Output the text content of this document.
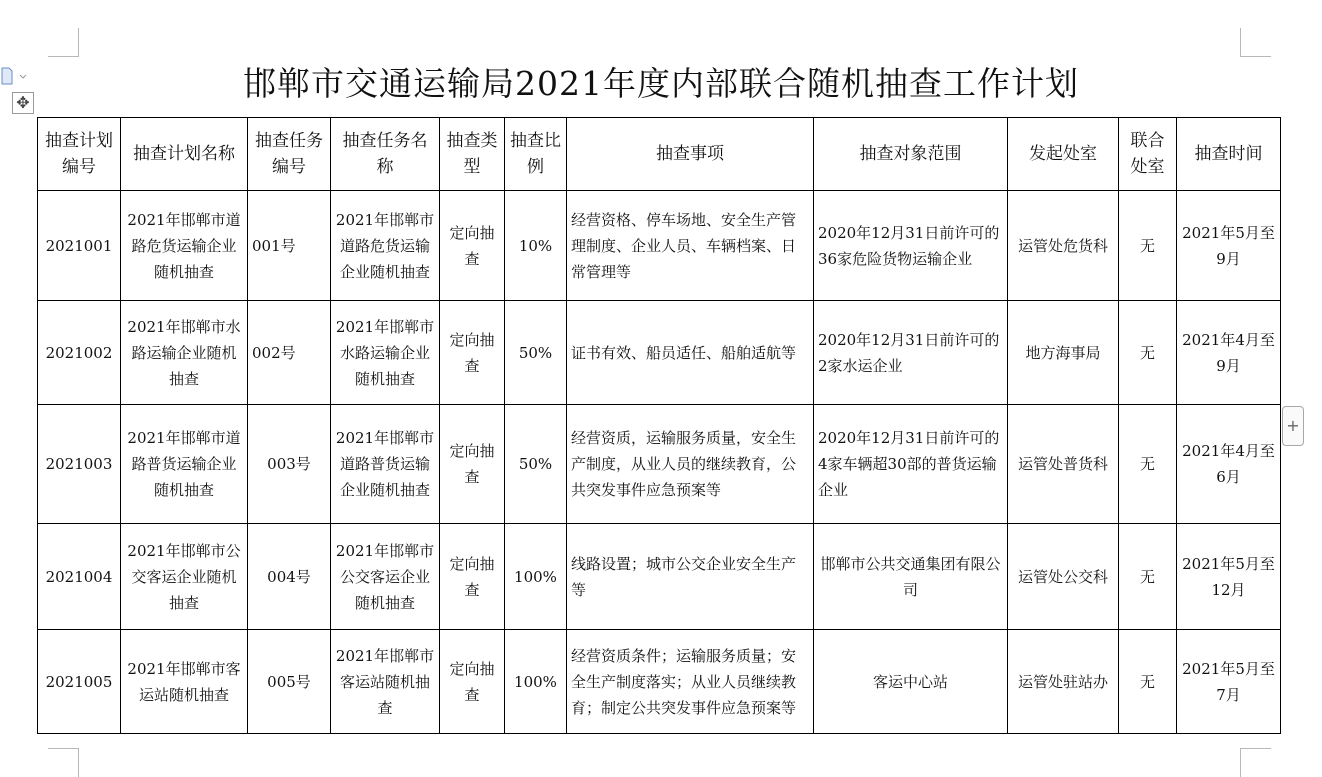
✥	邯郸市交通运输局2021年度内部联合随机抽查工作计划
抽查计划编号	抽查计划名称	抽查任务编号	抽查任务名称	抽查类型	抽查比例	抽查事项	抽查对象范围	发起处室	联合处室	抽查时间
2021001	2021年邯郸市道路危货运输企业随机抽查	001号	2021年邯郸市道路危货运输企业随机抽查	定向抽查	10%	经营资格、停车场地、安全生产管理制度、企业人员、车辆档案、日常管理等	2020年12月31日前许可的36家危险货物运输企业	运管处危货科	无	2021年5月至9月
2021002	2021年邯郸市水路运输企业随机抽查	002号	2021年邯郸市水路运输企业随机抽查	定向抽查	50%	证书有效、船员适任、船舶适航等	2020年12月31日前许可的2家水运企业	地方海事局	无	2021年4月至9月
2021003	2021年邯郸市道路普货运输企业随机抽查	003号	2021年邯郸市道路普货运输企业随机抽查	定向抽查	50%	经营资质，运输服务质量，安全生产制度，从业人员的继续教育，公共突发事件应急预案等	2020年12月31日前许可的4家车辆超30部的普货运输企业	运管处普货科	无	2021年4月至6月
2021004	2021年邯郸市公交客运企业随机抽查	004号	2021年邯郸市公交客运企业随机抽查	定向抽查	100%	线路设置；城市公交企业安全生产等	邯郸市公共交通集团有限公司	运管处公交科	无	2021年5月至12月
2021005	2021年邯郸市客运站随机抽查	005号	2021年邯郸市客运站随机抽查	定向抽查	100%	经营资质条件；运输服务质量；安全生产制度落实；从业人员继续教育；制定公共突发事件应急预案等	客运中心站	运管处驻站办	无	2021年5月至7月
+
